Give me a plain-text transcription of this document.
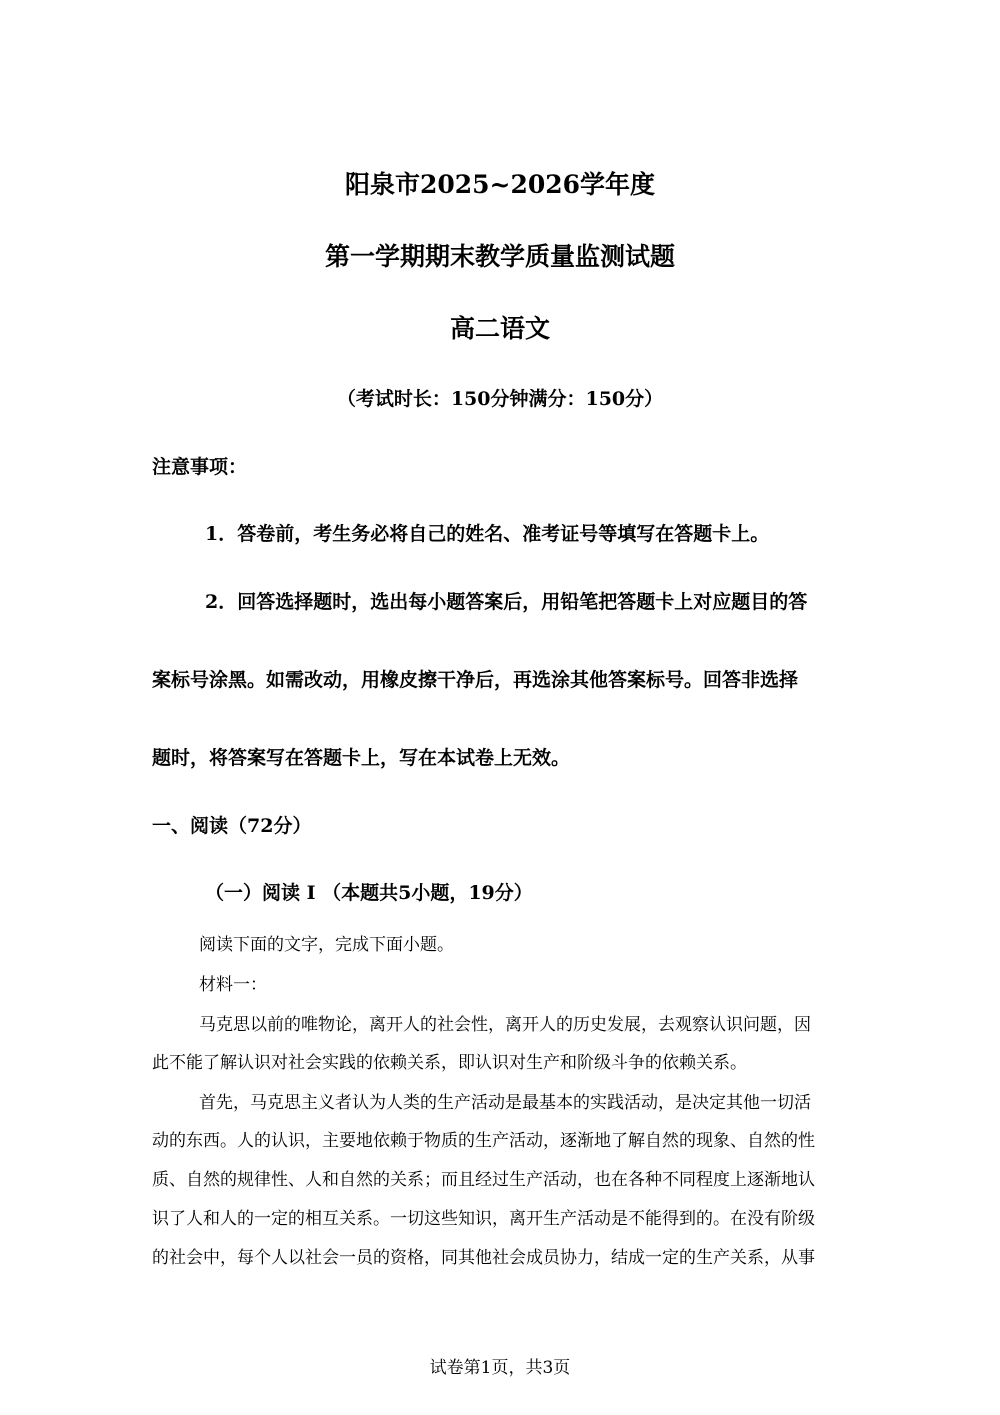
阳泉市2025~2026学年度
第一学期期末教学质量监测试题
高二语文
（考试时长：150分钟满分：150分）
注意事项：
1．答卷前，考生务必将自己的姓名、准考证号等填写在答题卡上。
2．回答选择题时，选出每小题答案后，用铅笔把答题卡上对应题目的答
案标号涂黑。如需改动，用橡皮擦干净后，再选涂其他答案标号。回答非选择
题时，将答案写在答题卡上，写在本试卷上无效。
一、阅读（72分）
（一）阅读 I （本题共5小题，19分）
阅读下面的文字，完成下面小题。
材料一：
马克思以前的唯物论，离开人的社会性，离开人的历史发展，去观察认识问题，因
此不能了解认识对社会实践的依赖关系，即认识对生产和阶级斗争的依赖关系。
首先，马克思主义者认为人类的生产活动是最基本的实践活动，是决定其他一切活
动的东西。人的认识，主要地依赖于物质的生产活动，逐渐地了解自然的现象、自然的性
质、自然的规律性、人和自然的关系；而且经过生产活动，也在各种不同程度上逐渐地认
识了人和人的一定的相互关系。一切这些知识，离开生产活动是不能得到的。在没有阶级
的社会中，每个人以社会一员的资格，同其他社会成员协力，结成一定的生产关系，从事
试卷第1页，共3页
